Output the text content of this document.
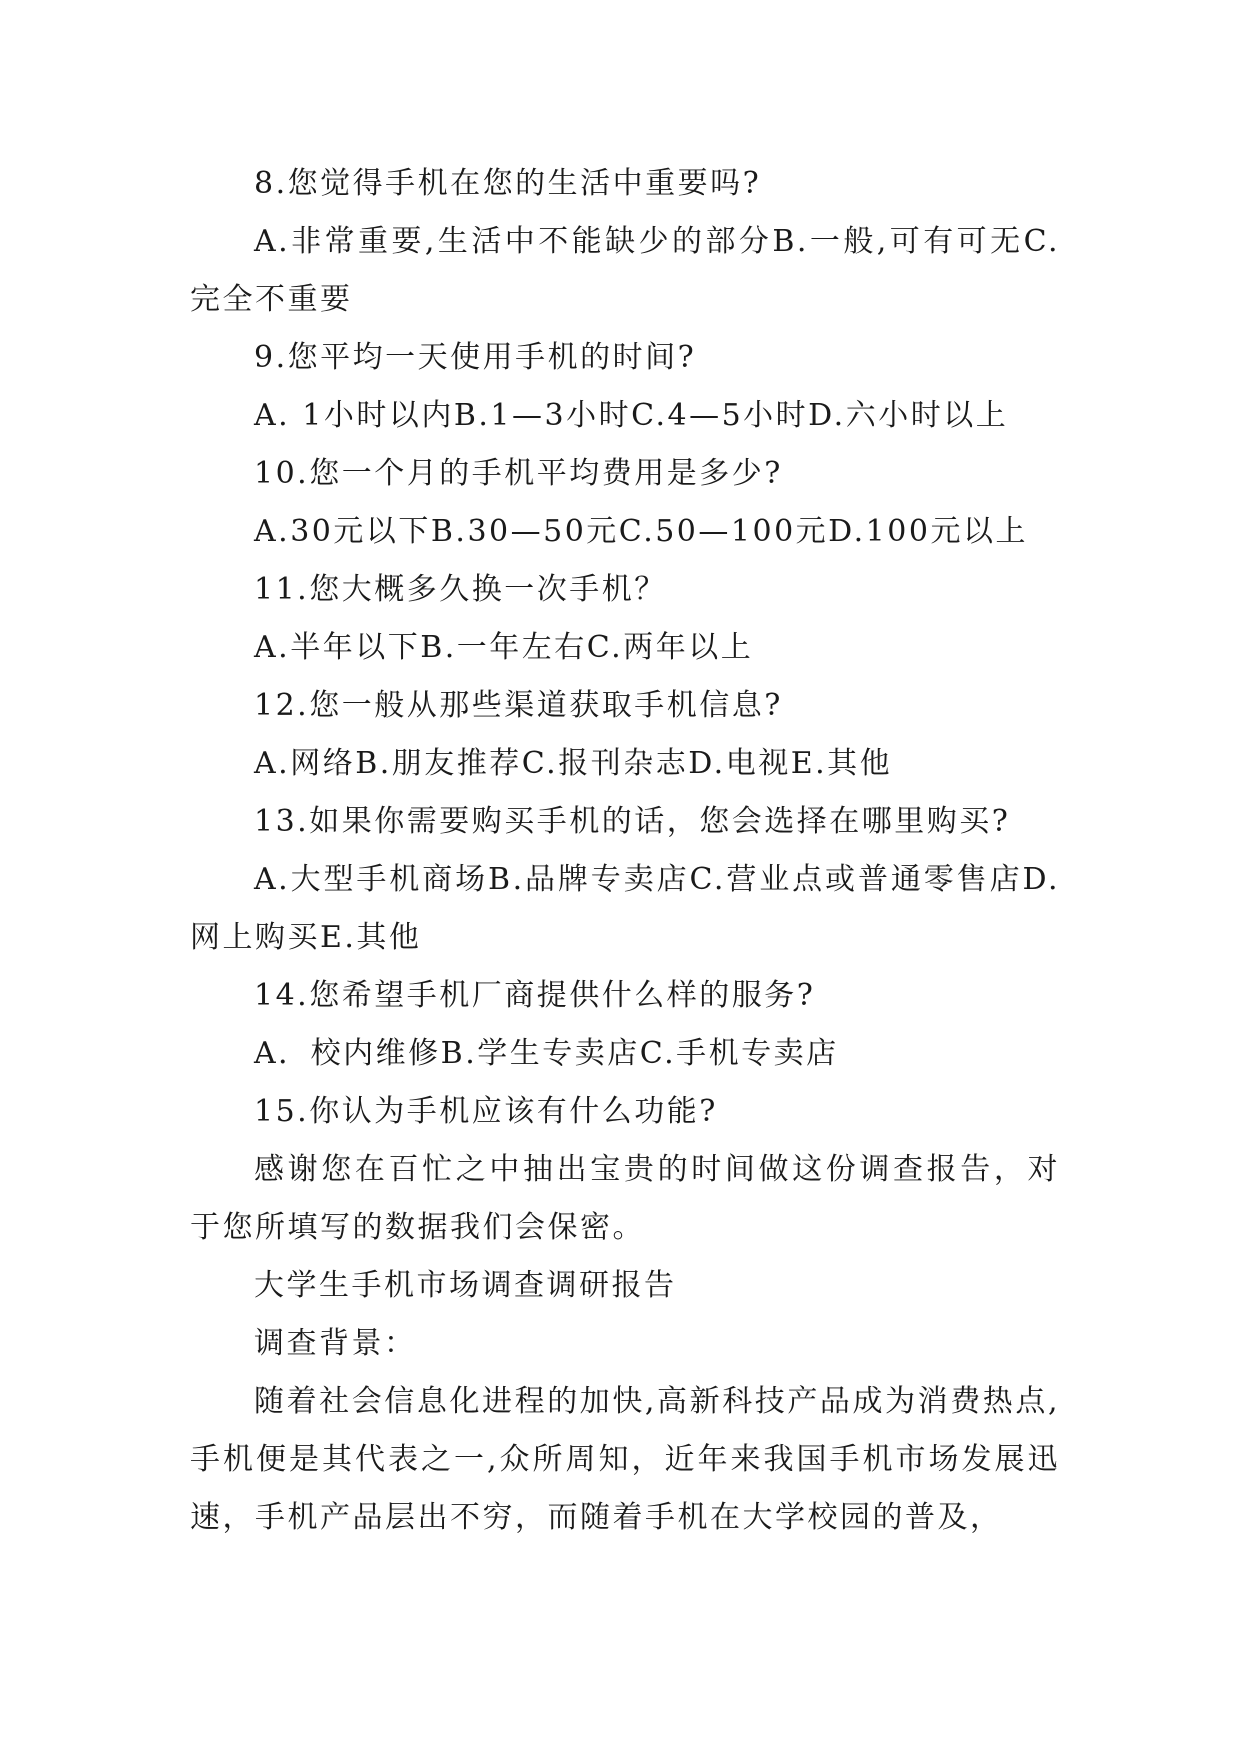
8.您觉得手机在您的生活中重要吗?

A.非常重要,生活中不能缺少的部分B.一般,可有可无C.完全不重要

9.您平均一天使用手机的时间?

A. 1小时以内B.1—3小时C.4—5小时D.六小时以上

10.您一个月的手机平均费用是多少?

A.30元以下B.30—50元C.50—100元D.100元以上

11.您大概多久换一次手机？

A.半年以下B.一年左右C.两年以上

12.您一般从那些渠道获取手机信息?

A.网络B.朋友推荐C.报刊杂志D.电视E.其他

13.如果你需要购买手机的话，您会选择在哪里购买?

A.大型手机商场B.品牌专卖店C.营业点或普通零售店D.网上购买E.其他

14.您希望手机厂商提供什么样的服务?

A．校内维修B.学生专卖店C.手机专卖店

15.你认为手机应该有什么功能?

感谢您在百忙之中抽出宝贵的时间做这份调查报告，对于您所填写的数据我们会保密。

大学生手机市场调查调研报告

调查背景：

随着社会信息化进程的加快,高新科技产品成为消费热点,手机便是其代表之一,众所周知，近年来我国手机市场发展迅速，手机产品层出不穷，而随着手机在大学校园的普及，
